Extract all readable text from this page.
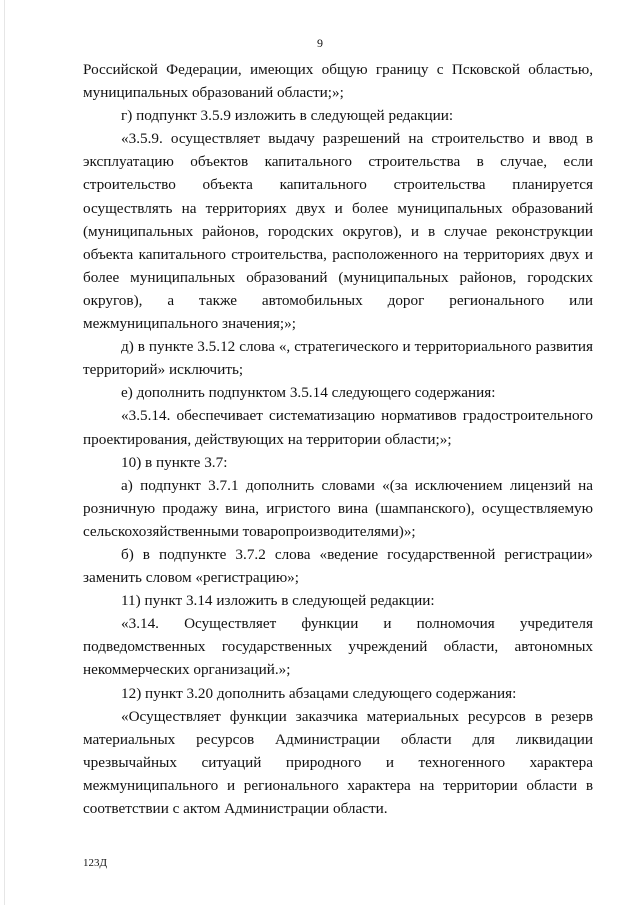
9

Российской Федерации, имеющих общую границу с Псковской областью, муниципальных образований области;»;

г) подпункт 3.5.9 изложить в следующей редакции:

«3.5.9. осуществляет выдачу разрешений на строительство и ввод в эксплуатацию объектов капитального строительства в случае, если строительство объекта капитального строительства планируется осуществлять на территориях двух и более муниципальных образований (муниципальных районов, городских округов), и в случае реконструкции объекта капитального строительства, расположенного на территориях двух и более муниципальных образований (муниципальных районов, городских округов), а также автомобильных дорог регионального или межмуниципального значения;»;

д) в пункте 3.5.12 слова «, стратегического и территориального развития территорий» исключить;

е) дополнить подпунктом 3.5.14 следующего содержания:

«3.5.14. обеспечивает систематизацию нормативов градостроительного проектирования, действующих на территории области;»;

10) в пункте 3.7:

а) подпункт 3.7.1 дополнить словами «(за исключением лицензий на розничную продажу вина, игристого вина (шампанского), осуществляемую сельскохозяйственными товаропроизводителями)»;

б) в подпункте 3.7.2 слова «ведение государственной регистрации» заменить словом «регистрацию»;

11) пункт 3.14 изложить в следующей редакции:

«3.14. Осуществляет функции и полномочия учредителя подведомственных государственных учреждений области, автономных некоммерческих организаций.»;

12) пункт 3.20 дополнить абзацами следующего содержания:

«Осуществляет функции заказчика материальных ресурсов в резерв материальных ресурсов Администрации области для ликвидации чрезвычайных ситуаций природного и техногенного характера межмуниципального и регионального характера на территории области в соответствии с актом Администрации области.

123Д
